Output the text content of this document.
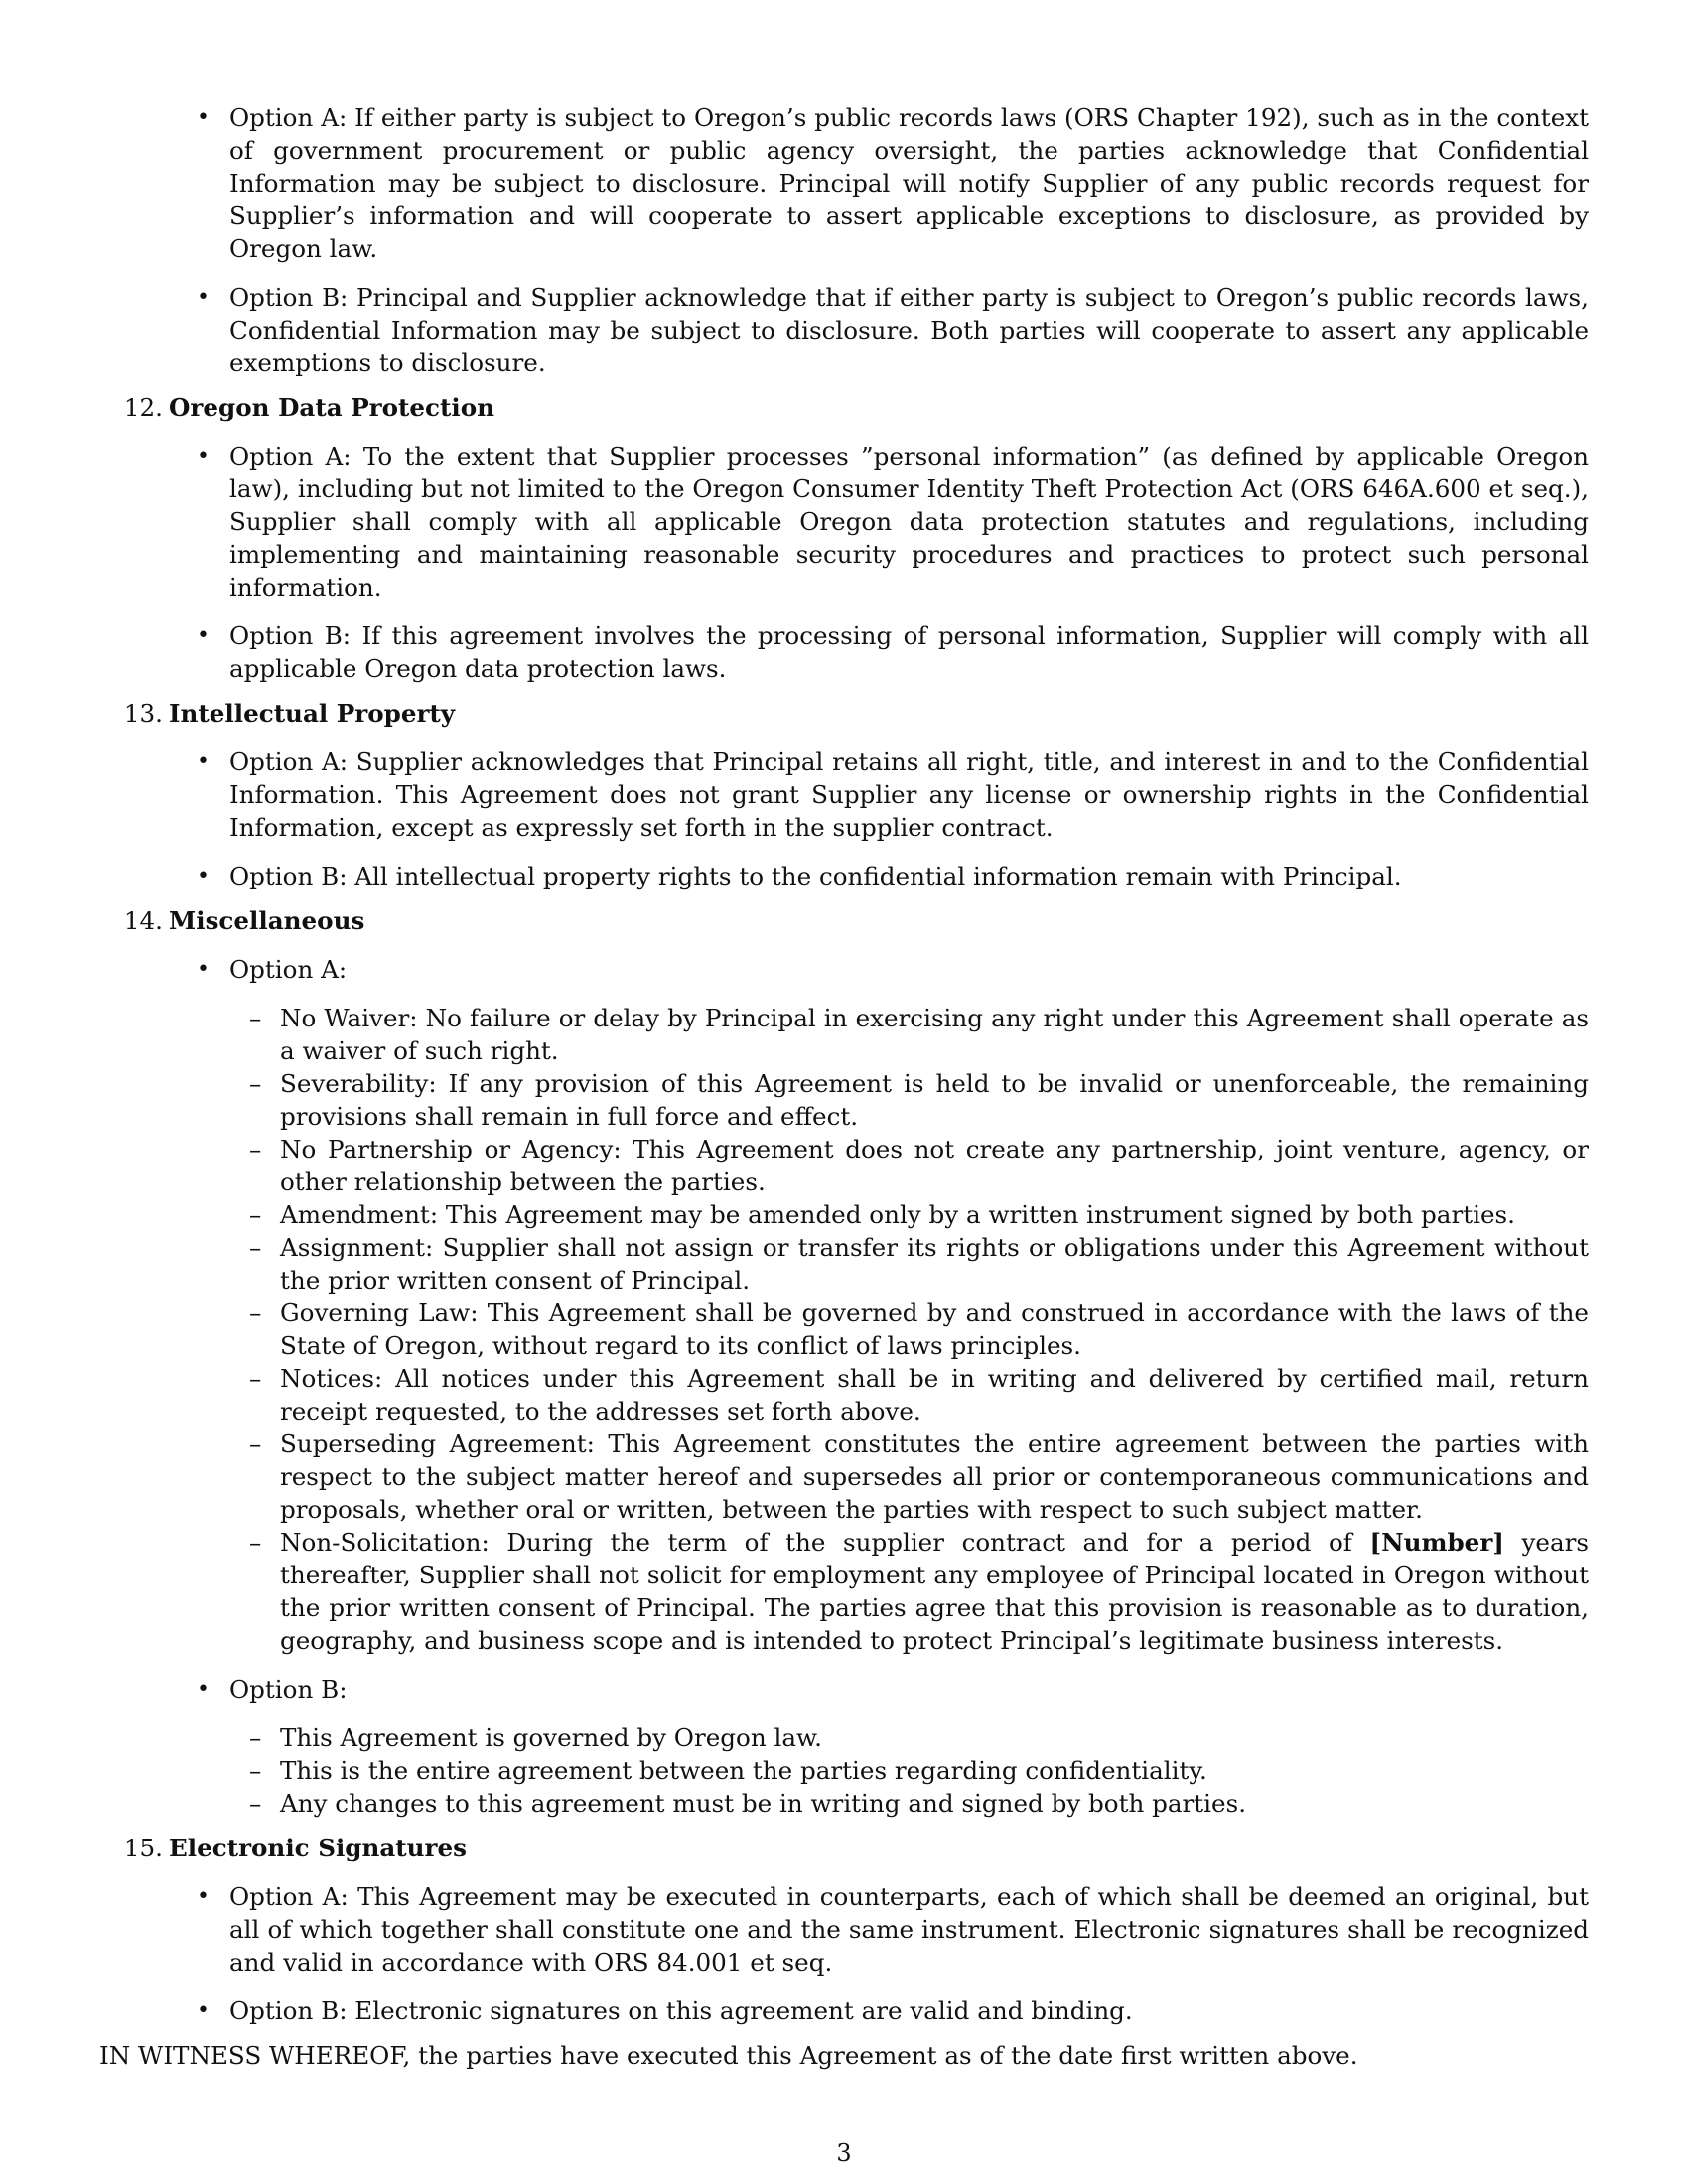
• Option A: If either party is subject to Oregon’s public records laws (ORS Chapter 192), such as in the context of government procurement or public agency oversight, the parties acknowledge that Confidential Information may be subject to disclosure. Principal will notify Supplier of any public records request for Supplier’s information and will cooperate to assert applicable exceptions to disclosure, as provided by Oregon law.
• Option B: Principal and Supplier acknowledge that if either party is subject to Oregon’s public records laws, Confidential Information may be subject to disclosure. Both parties will cooperate to assert any applicable exemptions to disclosure.
12. Oregon Data Protection
• Option A: To the extent that Supplier processes ”personal information” (as defined by applicable Oregon law), including but not limited to the Oregon Consumer Identity Theft Protection Act (ORS 646A.600 et seq.), Supplier shall comply with all applicable Oregon data protection statutes and regulations, including implementing and maintaining reasonable security procedures and practices to protect such personal information.
• Option B: If this agreement involves the processing of personal information, Supplier will comply with all applicable Oregon data protection laws.
13. Intellectual Property
• Option A: Supplier acknowledges that Principal retains all right, title, and interest in and to the Confidential Information. This Agreement does not grant Supplier any license or ownership rights in the Confidential Information, except as expressly set forth in the supplier contract.
• Option B: All intellectual property rights to the confidential information remain with Principal.
14. Miscellaneous
• Option A:
– No Waiver: No failure or delay by Principal in exercising any right under this Agreement shall operate as a waiver of such right.
– Severability: If any provision of this Agreement is held to be invalid or unenforceable, the remaining provisions shall remain in full force and effect.
– No Partnership or Agency: This Agreement does not create any partnership, joint venture, agency, or other relationship between the parties.
– Amendment: This Agreement may be amended only by a written instrument signed by both parties.
– Assignment: Supplier shall not assign or transfer its rights or obligations under this Agreement without the prior written consent of Principal.
– Governing Law: This Agreement shall be governed by and construed in accordance with the laws of the State of Oregon, without regard to its conflict of laws principles.
– Notices: All notices under this Agreement shall be in writing and delivered by certified mail, return receipt requested, to the addresses set forth above.
– Superseding Agreement: This Agreement constitutes the entire agreement between the parties with respect to the subject matter hereof and supersedes all prior or contemporaneous communications and proposals, whether oral or written, between the parties with respect to such subject matter.
– Non-Solicitation: During the term of the supplier contract and for a period of [Number] years thereafter, Supplier shall not solicit for employment any employee of Principal located in Oregon without the prior written consent of Principal. The parties agree that this provision is reasonable as to duration, geography, and business scope and is intended to protect Principal’s legitimate business interests.
• Option B:
– This Agreement is governed by Oregon law.
– This is the entire agreement between the parties regarding confidentiality.
– Any changes to this agreement must be in writing and signed by both parties.
15. Electronic Signatures
• Option A: This Agreement may be executed in counterparts, each of which shall be deemed an original, but all of which together shall constitute one and the same instrument. Electronic signatures shall be recognized and valid in accordance with ORS 84.001 et seq.
• Option B: Electronic signatures on this agreement are valid and binding.

IN WITNESS WHEREOF, the parties have executed this Agreement as of the date first written above.

3
